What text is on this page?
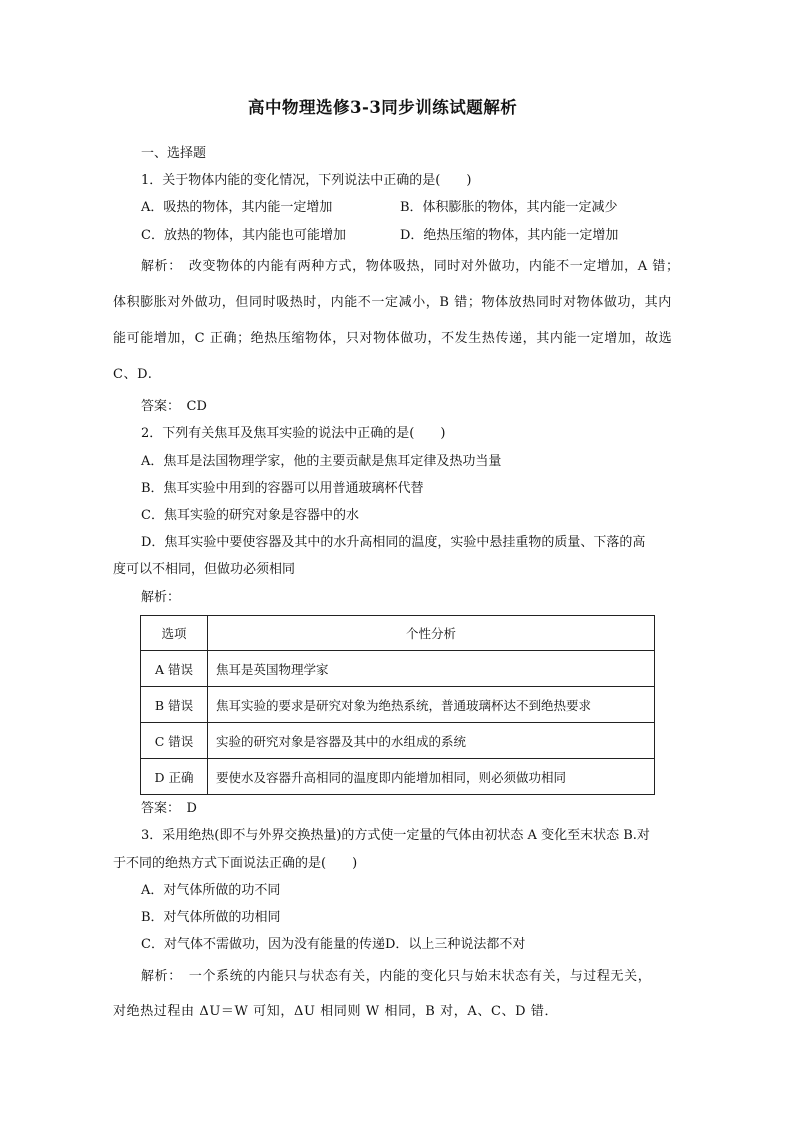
高中物理选修3-3同步训练试题解析
一、选择题
1．关于物体内能的变化情况，下列说法中正确的是(　　)
A．吸热的物体，其内能一定增加	B．体积膨胀的物体，其内能一定减少
C．放热的物体，其内能也可能增加	D．绝热压缩的物体，其内能一定增加
解析：　改变物体的内能有两种方式，物体吸热，同时对外做功，内能不一定增加，A 错；
体积膨胀对外做功，但同时吸热时，内能不一定减小，B 错；物体放热同时对物体做功，其内
能可能增加，C 正确；绝热压缩物体，只对物体做功，不发生热传递，其内能一定增加，故选
C、D.
答案：　CD
2．下列有关焦耳及焦耳实验的说法中正确的是(　　)
A．焦耳是法国物理学家，他的主要贡献是焦耳定律及热功当量
B．焦耳实验中用到的容器可以用普通玻璃杯代替
C．焦耳实验的研究对象是容器中的水
D．焦耳实验中要使容器及其中的水升高相同的温度，实验中悬挂重物的质量、下落的高
度可以不相同，但做功必须相同
解析：
选项	个性分析
A 错误	焦耳是英国物理学家
B 错误	焦耳实验的要求是研究对象为绝热系统，普通玻璃杯达不到绝热要求
C 错误	实验的研究对象是容器及其中的水组成的系统
D 正确	要使水及容器升高相同的温度即内能增加相同，则必须做功相同
答案：　D
3．采用绝热(即不与外界交换热量)的方式使一定量的气体由初状态 A 变化至末状态 B.对
于不同的绝热方式下面说法正确的是(　　)
A．对气体所做的功不同
B．对气体所做的功相同
C．对气体不需做功，因为没有能量的传递D．以上三种说法都不对
解析：　一个系统的内能只与状态有关，内能的变化只与始末状态有关，与过程无关，
对绝热过程由 ΔU＝W 可知，ΔU 相同则 W 相同，B 对，A、C、D 错．
